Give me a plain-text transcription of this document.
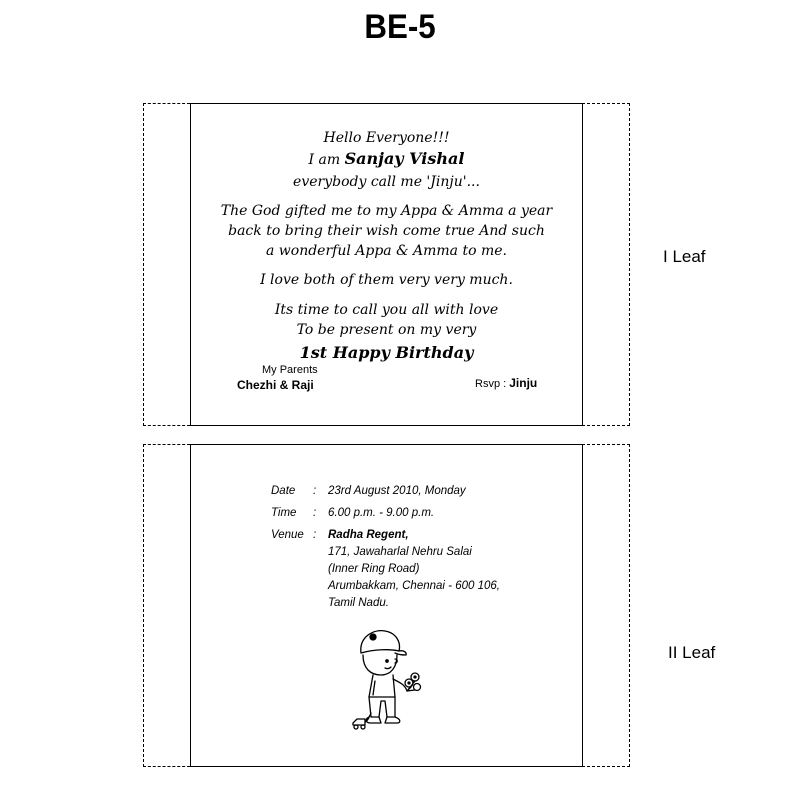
BE-5
Hello Everyone!!!
I am Sanjay Vishal
everybody call me 'Jinju'...
The God gifted me to my Appa & Amma a year
back to bring their wish come true And such
a wonderful Appa & Amma to me.
I love both of them very very much.
Its time to call you all with love
To be present on my very
1st Happy Birthday
My Parents
Chezhi & Raji	Rsvp : Jinju
I Leaf
Date	: 23rd August 2010, Monday
Time	: 6.00 p.m. - 9.00 p.m.
Venue : Radha Regent,
171, Jawaharlal Nehru Salai
(Inner Ring Road)
Arumbakkam, Chennai - 600 106,
Tamil Nadu.
II Leaf
